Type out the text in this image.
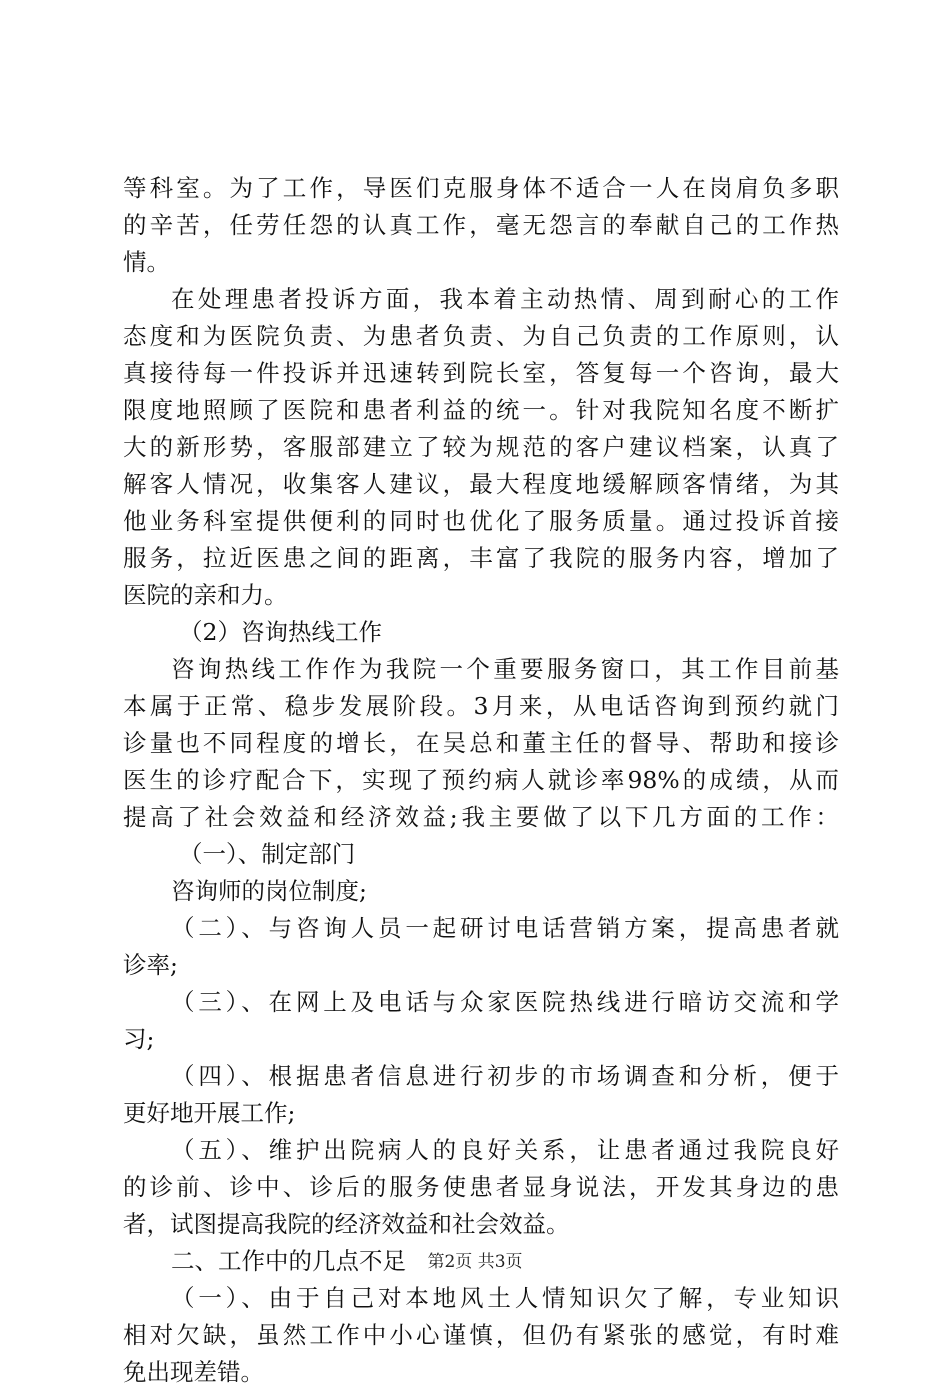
等科室。为了工作，导医们克服身体不适合一人在岗肩负多职
的辛苦，任劳任怨的认真工作，毫无怨言的奉献自己的工作热
情。
在处理患者投诉方面，我本着主动热情、周到耐心的工作
态度和为医院负责、为患者负责、为自己负责的工作原则，认
真接待每一件投诉并迅速转到院长室，答复每一个咨询，最大
限度地照顾了医院和患者利益的统一。针对我院知名度不断扩
大的新形势，客服部建立了较为规范的客户建议档案，认真了
解客人情况，收集客人建议，最大程度地缓解顾客情绪，为其
他业务科室提供便利的同时也优化了服务质量。通过投诉首接
服务，拉近医患之间的距离，丰富了我院的服务内容，增加了
医院的亲和力。
（2）咨询热线工作
咨询热线工作作为我院一个重要服务窗口，其工作目前基
本属于正常、稳步发展阶段。3月来，从电话咨询到预约就门
诊量也不同程度的增长，在吴总和董主任的督导、帮助和接诊
医生的诊疗配合下，实现了预约病人就诊率98%的成绩，从而
提高了社会效益和经济效益;我主要做了以下几方面的工作：
（一）、制定部门
咨询师的岗位制度;
（二）、与咨询人员一起研讨电话营销方案，提高患者就
诊率;
（三）、在网上及电话与众家医院热线进行暗访交流和学
习;
（四）、根据患者信息进行初步的市场调查和分析，便于
更好地开展工作;
（五）、维护出院病人的良好关系，让患者通过我院良好
的诊前、诊中、诊后的服务使患者显身说法，开发其身边的患
者，试图提高我院的经济效益和社会效益。
二、工作中的几点不足
（一）、由于自己对本地风土人情知识欠了解，专业知识
相对欠缺，虽然工作中小心谨慎，但仍有紧张的感觉，有时难
免出现差错。
第2页 共3页
